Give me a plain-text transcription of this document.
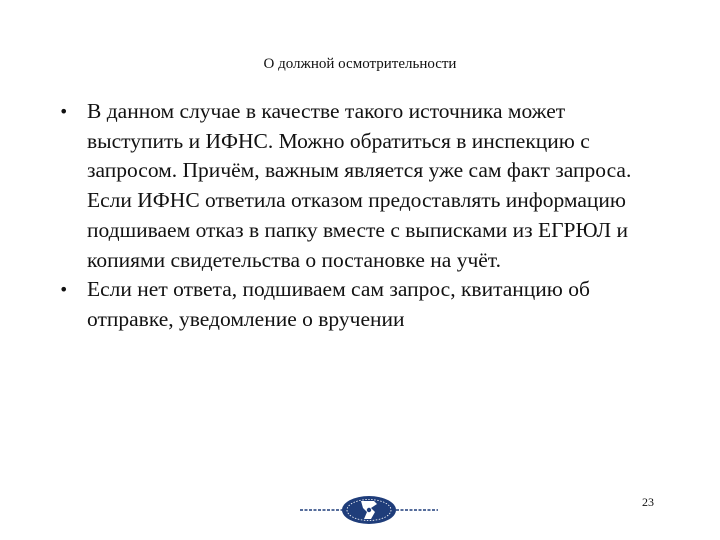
О должной осмотрительности
• В данном случае в качестве такого источника может выступить и ИФНС. Можно обратиться в инспекцию с запросом. Причём, важным является уже сам факт запроса. Если ИФНС ответила отказом предоставлять информацию подшиваем отказ в папку вместе с выписками из ЕГРЮЛ и копиями свидетельства о постановке на учёт.
• Если нет ответа, подшиваем сам запрос, квитанцию об отправке, уведомление о вручении
23
